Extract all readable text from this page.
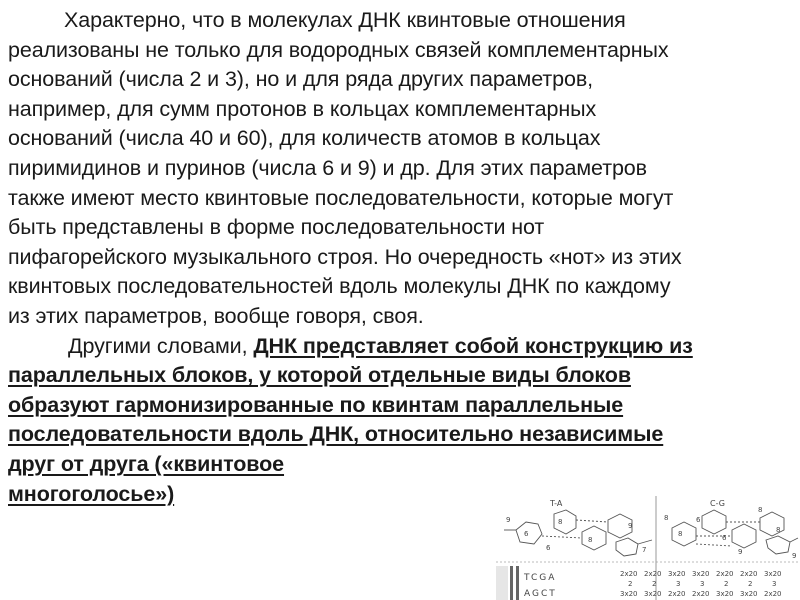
Характерно, что в молекулах ДНК квинтовые отношения
реализованы не только для водородных связей комплементарных
оснований (числа 2 и 3), но и для ряда других параметров,
например, для сумм протонов в кольцах комплементарных
оснований (числа 40 и 60), для количеств атомов в кольцах
пиримидинов и пуринов (числа 6 и 9) и др. Для этих параметров
также имеют место квинтовые последовательности, которые могут
быть представлены в форме последовательности нот
пифагорейского музыкального строя. Но очередность «нот» из этих
квинтовых последовательностей вдоль молекулы ДНК по каждому
из этих параметров, вообще говоря, своя.
Другими словами, ДНК представляет собой конструкцию из
параллельных блоков, у которой отдельные виды блоков
образуют гармонизированные по квинтам параллельные
последовательности вдоль ДНК, относительно независимые
друг от друга («квинтовое
многоголосье»)	T-A	C-G
9
6
6
8
8
9
7
8
8
6
6
9
8
8
9
TCGA
AGCT
2x20 2x20 3x20 3x20 2x20 2x20 3x20
2	2	3	3	2	2	3
3x20 3x20 2x20 2x20 3x20 3x20 2x20
